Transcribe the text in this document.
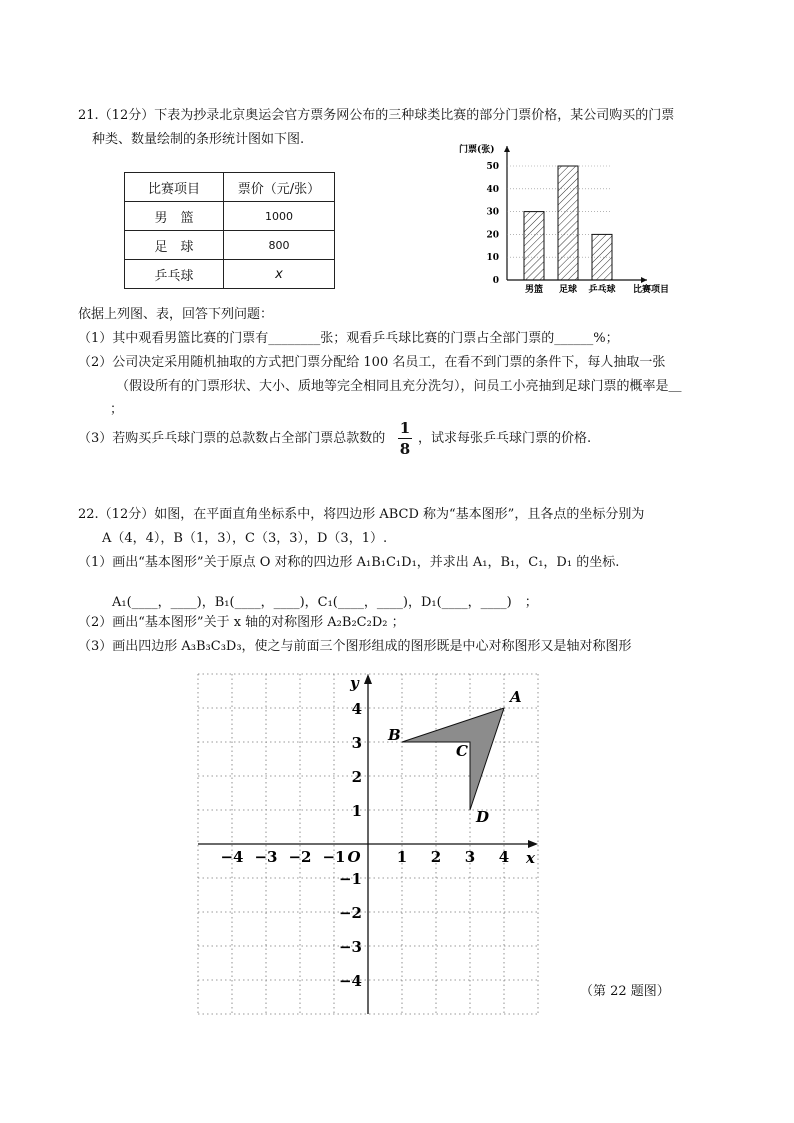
21.（12分）下表为抄录北京奥运会官方票务网公布的三种球类比赛的部分门票价格，某公司购买的门票
种类、数量绘制的条形统计图如下图.
比赛项目	票价（元/张）
男　篮	1000
足　球	800
乒乓球	x
门票(张)
0
10
20
30
40
50
男篮 足球 乒乓球 比赛项目
依据上列图、表，回答下列问题：
（1）其中观看男篮比赛的门票有________张；观看乒乓球比赛的门票占全部门票的______%；
（2）公司决定采用随机抽取的方式把门票分配给 100 名员工，在看不到门票的条件下，每人抽取一张
（假设所有的门票形状、大小、质地等完全相同且充分洗匀），问员工小亮抽到足球门票的概率是＿
；
（3）若购买乒乓球门票的总款数占全部门票总款数的
1
8
，试求每张乒乓球门票的价格.
22.（12分）如图，在平面直角坐标系中，将四边形 ABCD 称为“基本图形”，且各点的坐标分别为
A（4，4），B（1，3），C（3，3），D（3，1）.
（1）画出“基本图形”关于原点 O 对称的四边形 A₁B₁C₁D₁，并求出 A₁，B₁，C₁，D₁ 的坐标.
A₁(____，____)，B₁(____，____)，C₁(____，____)，D₁(____，____)　；
（2）画出“基本图形”关于 x 轴的对称图形 A₂B₂C₂D₂ ；
（3）画出四边形 A₃B₃C₃D₃，使之与前面三个图形组成的图形既是中心对称图形又是轴对称图形
x
y
−4 −3 −2 −1 O 1 2 3 4
4
3
2
1
−1
−2
−3
−4
A
B
C
D
（第 22 题图）
